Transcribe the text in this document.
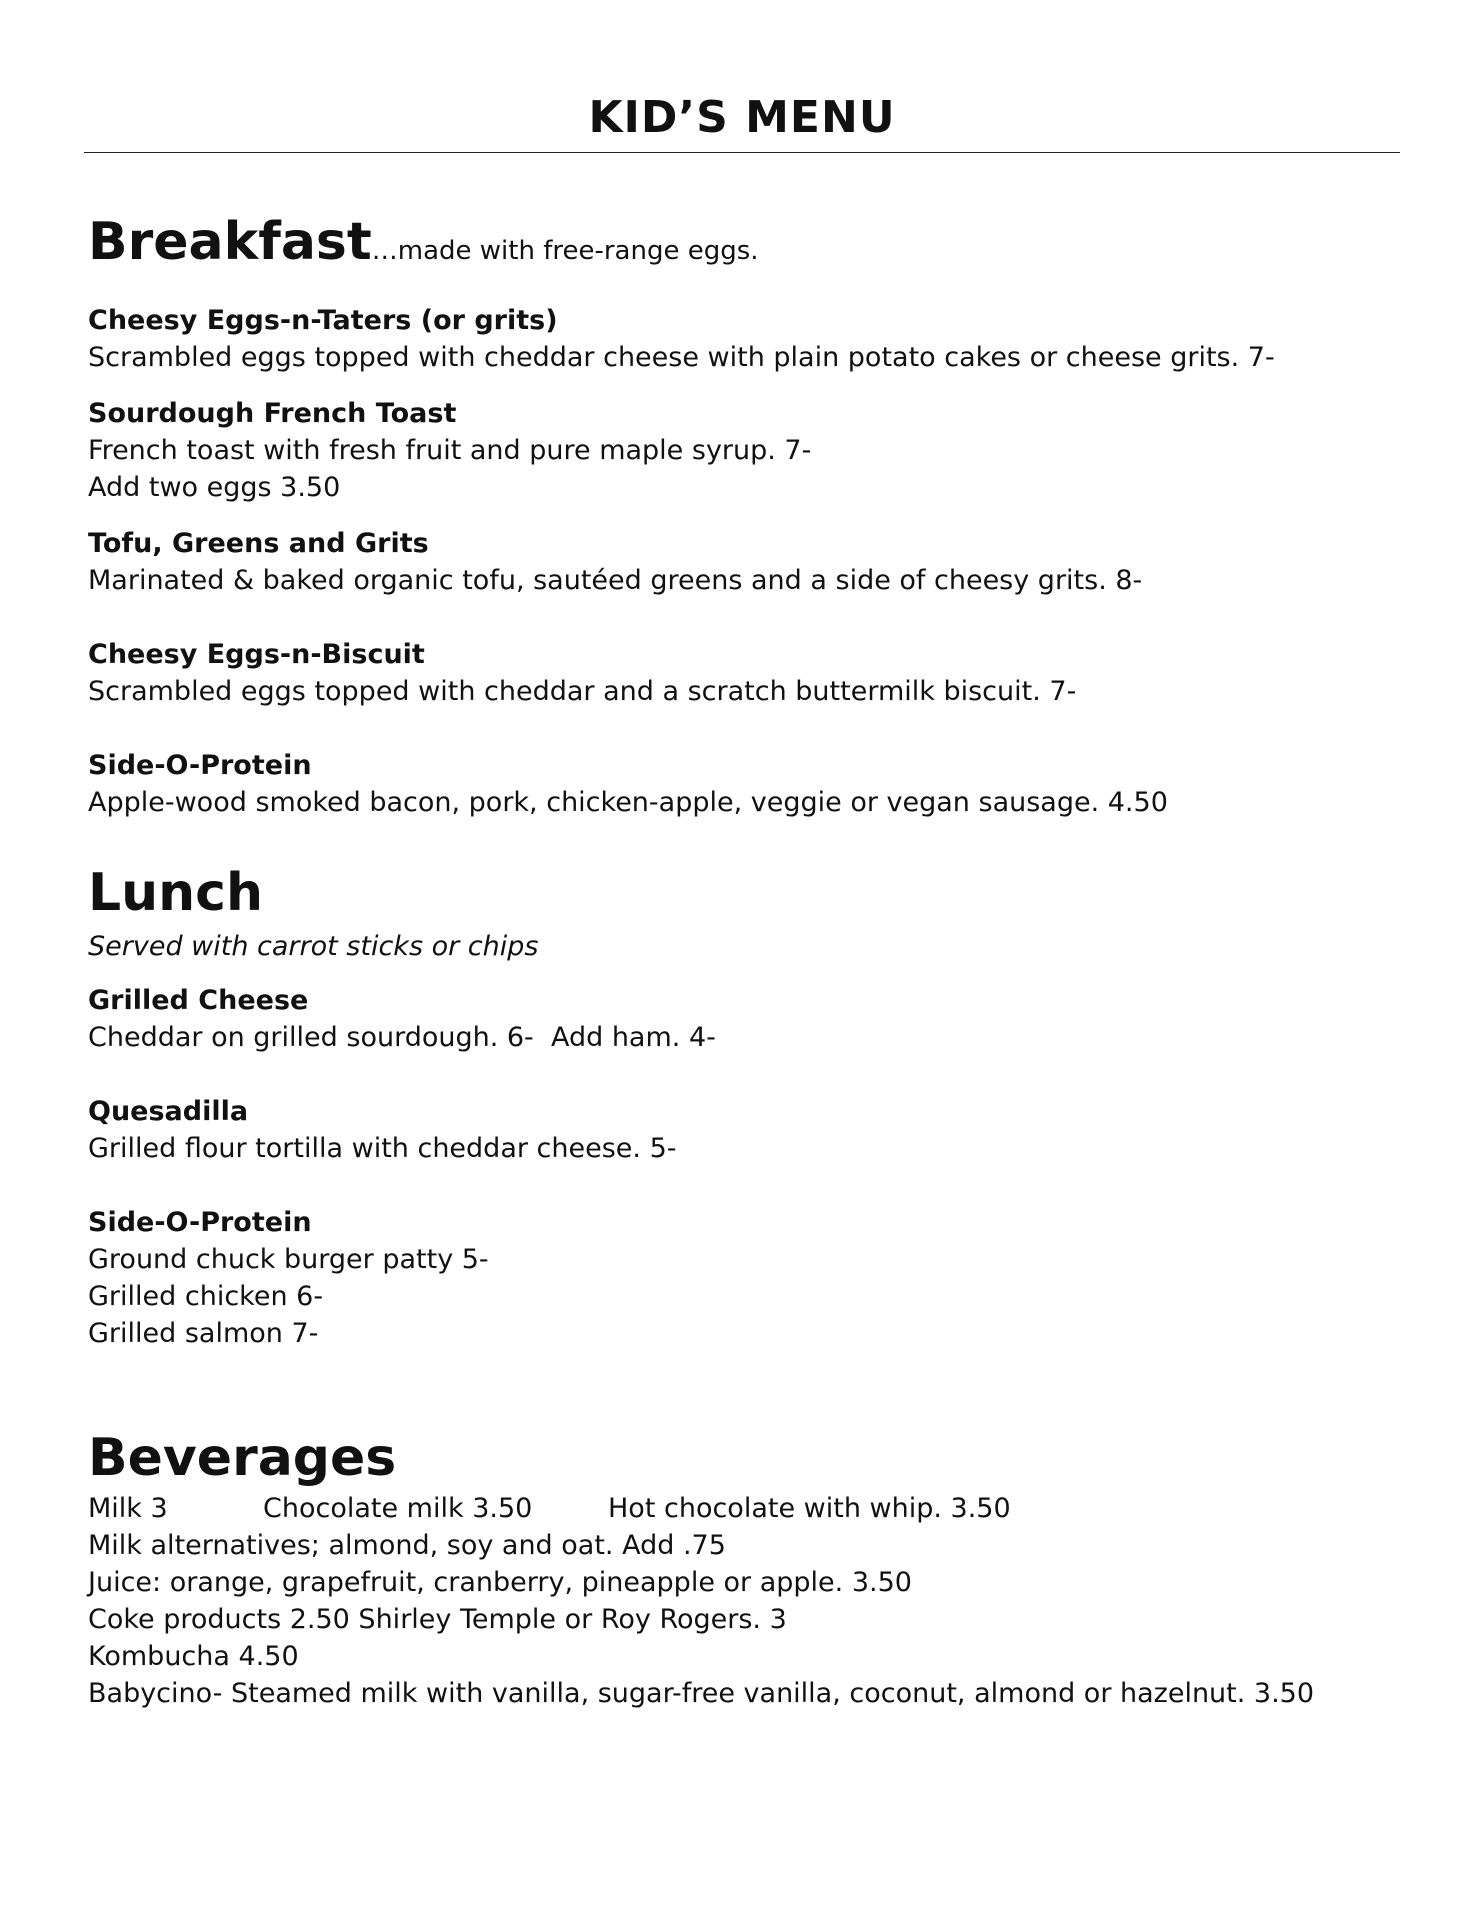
KID’S MENU
Breakfast…made with free-range eggs.
Cheesy Eggs-n-Taters (or grits)
Scrambled eggs topped with cheddar cheese with plain potato cakes or cheese grits. 7-
Sourdough French Toast
French toast with fresh fruit and pure maple syrup. 7-
Add two eggs 3.50
Tofu, Greens and Grits
Marinated & baked organic tofu, sautéed greens and a side of cheesy grits. 8-
Cheesy Eggs-n-Biscuit
Scrambled eggs topped with cheddar and a scratch buttermilk biscuit. 7-
Side-O-Protein
Apple-wood smoked bacon, pork, chicken-apple, veggie or vegan sausage. 4.50
Lunch
Served with carrot sticks or chips
Grilled Cheese
Cheddar on grilled sourdough. 6-  Add ham. 4-
Quesadilla
Grilled flour tortilla with cheddar cheese. 5-
Side-O-Protein
Ground chuck burger patty 5-
Grilled chicken 6-
Grilled salmon 7-
Beverages

Milk 3

	Chocolate milk 3.50

	Hot chocolate with whip. 3.50

Milk alternatives; almond, soy and oat. Add .75
Juice: orange, grapefruit, cranberry, pineapple or apple. 3.50
Coke products 2.50 Shirley Temple or Roy Rogers. 3
Kombucha 4.50
Babycino- Steamed milk with vanilla, sugar-free vanilla, coconut, almond or hazelnut. 3.50
